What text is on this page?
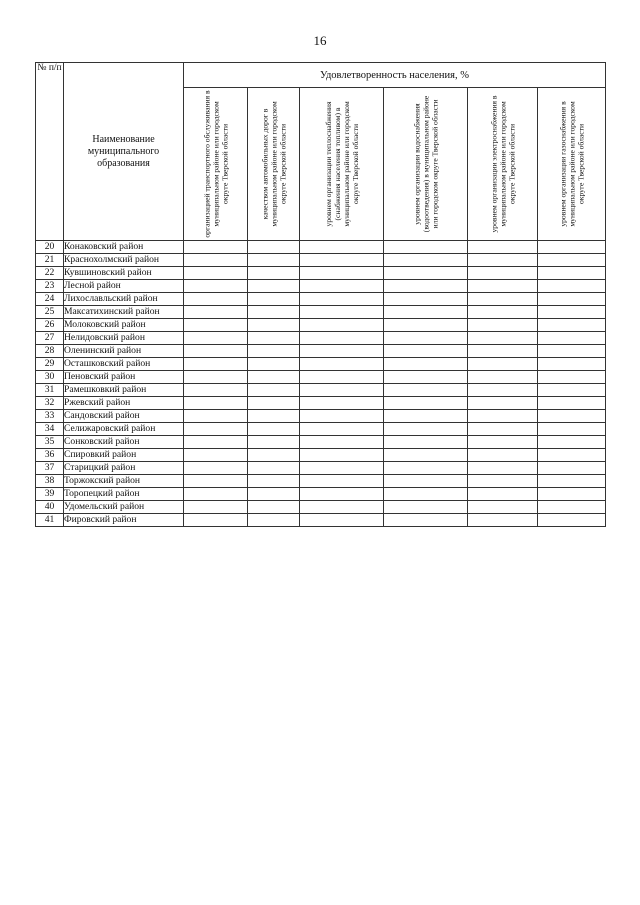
16
№ п/п	Наименование муниципального образования	Удовлетворенность населения, %					

		организацией транспортного обслуживания в муниципальном районе или городском округе Тверской области	качеством автомобильных дорог в муниципальном районе или городском округе Тверской области	уровнем организации теплоснабжения (снабжения населения топливом) в муниципальном районе или городском округе Тверской области	уровнем организации водоснабжения (водоотведения) в муниципальном районе или городском округе Тверской области	уровнем организации электроснабжения в муниципальном районе или городском округе Тверской области	уровнем организации газоснабжения в муниципальном районе или городском округе Тверской области

20	Конаковский район						
21	Краснохолмский район						
22	Кувшиновский район						
23	Лесной район						
24	Лихославльский район						
25	Максатихинский район						
26	Молоковский район						
27	Нелидовский район						
28	Оленинский район						
29	Осташковский район						
30	Пеновский район						
31	Рамешковкий район						
32	Ржевский район						
33	Сандовский район						
34	Селижаровский район						
35	Сонковский район						
36	Спировкий район						
37	Старицкий район						
38	Торжокский район						
39	Торопецкий район						
40	Удомельский район						
41	Фировский район						
